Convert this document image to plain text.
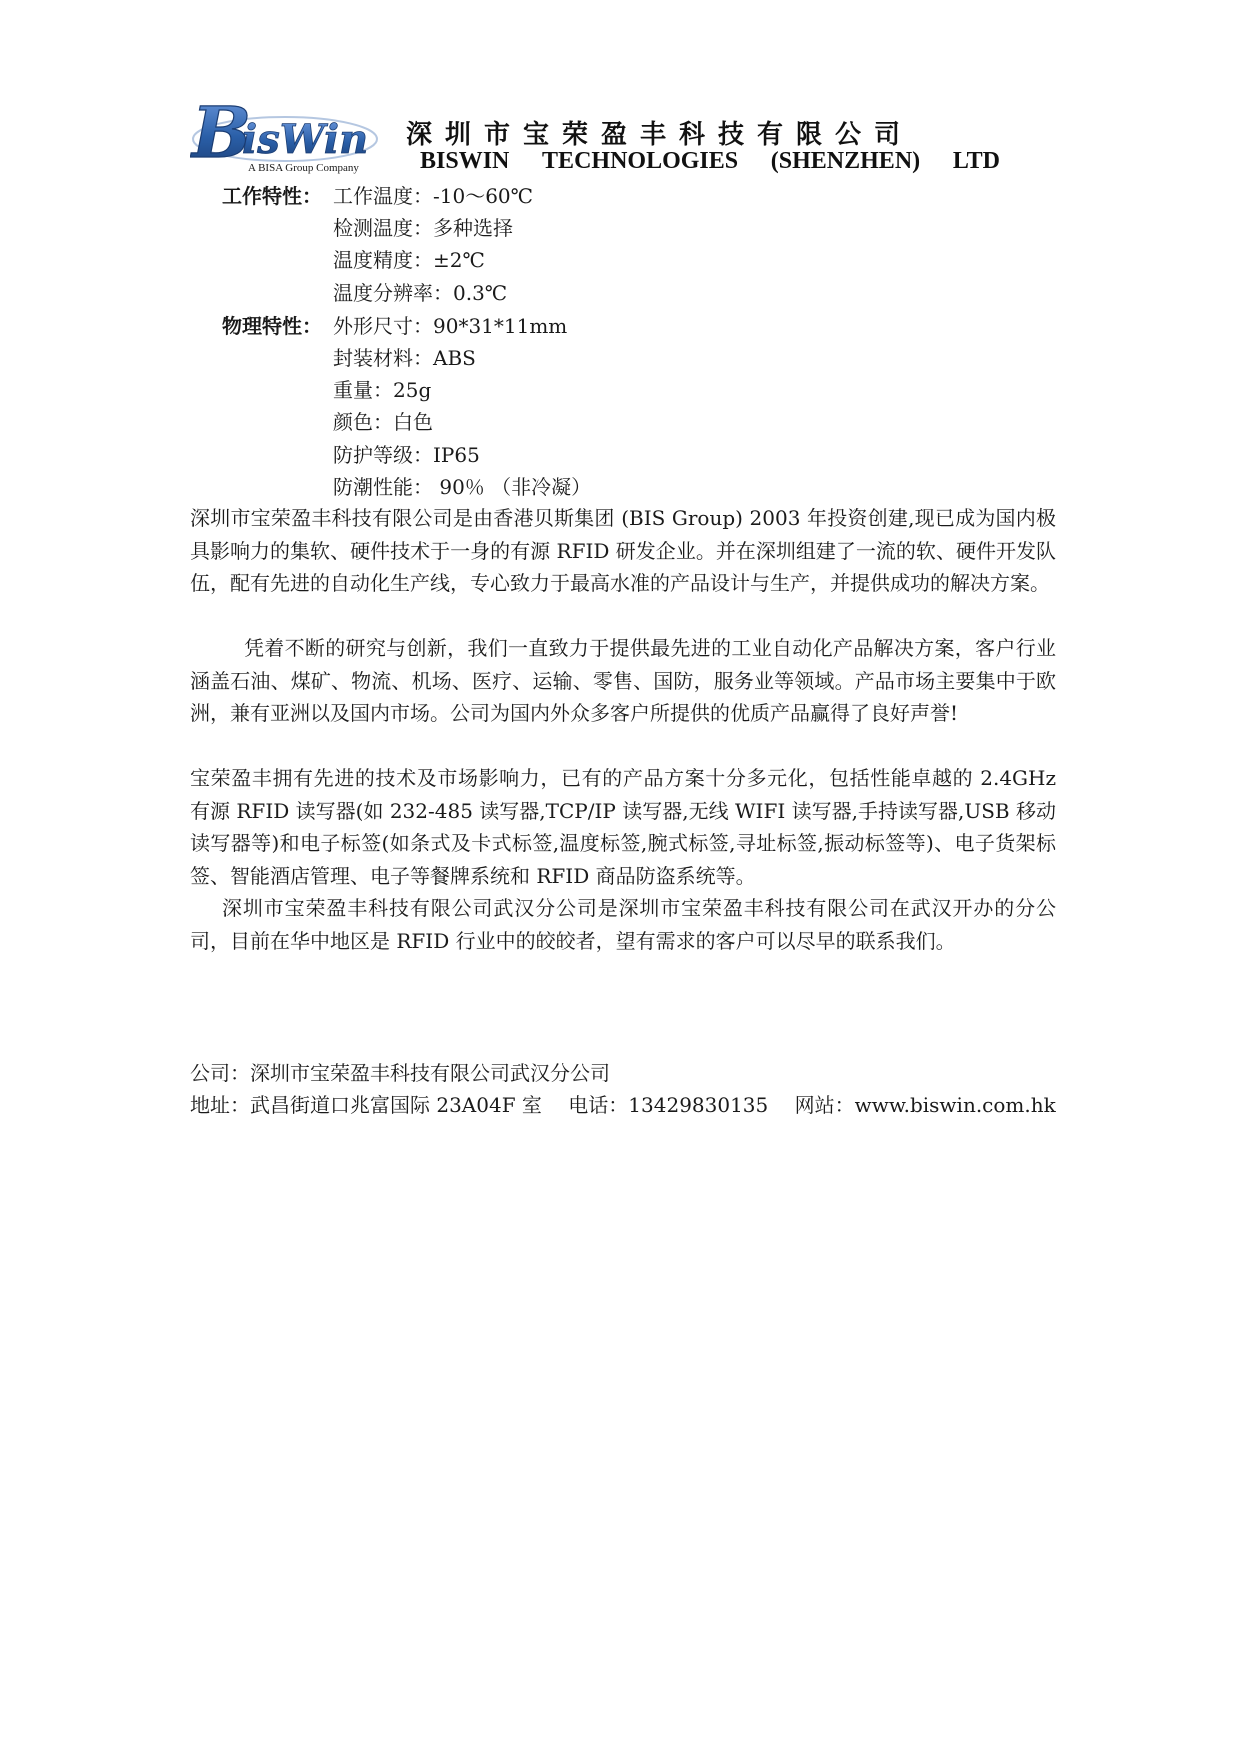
B
isWin
A BISA Group Company
深圳市宝荣盈丰科技有限公司
BISWIN TECHNOLOGIES (SHENZHEN) LTD
工作特性： 工作温度：-10～60℃
检测温度：多种选择
温度精度：±2℃
温度分辨率：0.3℃
物理特性： 外形尺寸：90*31*11mm
封装材料：ABS
重量：25g
颜色：白色
防护等级：IP65
防潮性能： 90％ （非冷凝）

深圳市宝荣盈丰科技有限公司是由香港贝斯集团 (BIS Group) 2003 年投资创建,现已成为国内极具影响力的集软、硬件技术于一身的有源 RFID 研发企业。并在深圳组建了一流的软、硬件开发队伍，配有先进的自动化生产线，专心致力于最高水准的产品设计与生产，并提供成功的解决方案。

凭着不断的研究与创新，我们一直致力于提供最先进的工业自动化产品解决方案，客户行业涵盖石油、煤矿、物流、机场、医疗、运输、零售、国防，服务业等领域。产品市场主要集中于欧洲，兼有亚洲以及国内市场。公司为国内外众多客户所提供的优质产品赢得了良好声誉!

宝荣盈丰拥有先进的技术及市场影响力，已有的产品方案十分多元化，包括性能卓越的 2.4GHz 有源 RFID 读写器(如 232-485 读写器,TCP/IP 读写器,无线 WIFI 读写器,手持读写器,USB 移动读写器等)和电子标签(如条式及卡式标签,温度标签,腕式标签,寻址标签,振动标签等)、电子货架标签、智能酒店管理、电子等餐牌系统和 RFID 商品防盗系统等。

深圳市宝荣盈丰科技有限公司武汉分公司是深圳市宝荣盈丰科技有限公司在武汉开办的分公司，目前在华中地区是 RFID 行业中的皎皎者，望有需求的客户可以尽早的联系我们。

公司：深圳市宝荣盈丰科技有限公司武汉分公司
地址：武昌街道口兆富国际 23A04F 室　 电话：13429830135　 网站：www.biswin.com.hk
